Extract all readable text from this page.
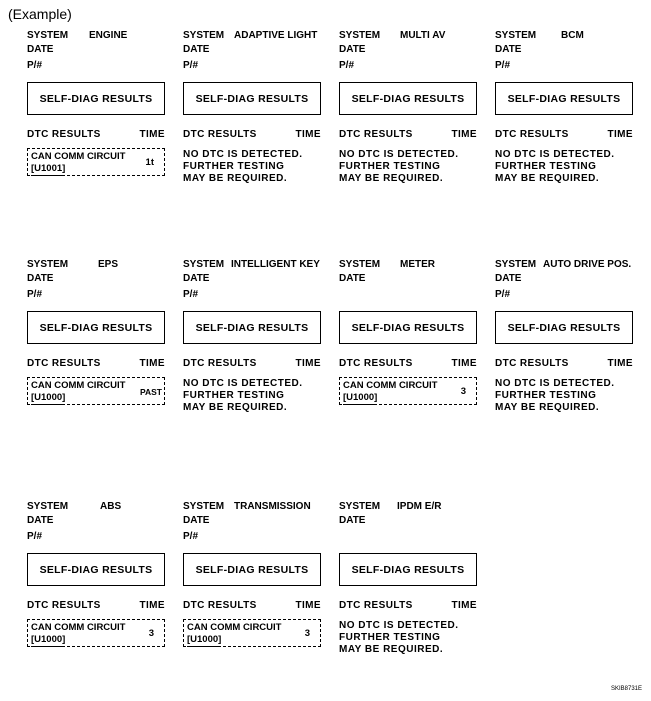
(Example)
SYSTEM ENGINE
DATE
P/#
SELF-DIAG RESULTS
DTC RESULTS	TIME
CAN COMM CIRCUIT
[U1001]
1t
SYSTEM ADAPTIVE LIGHT
DATE
P/#
SELF-DIAG RESULTS
DTC RESULTS	TIME
NO DTC IS DETECTED.
FURTHER TESTING
MAY BE REQUIRED.
SYSTEM MULTI AV
DATE
P/#
SELF-DIAG RESULTS
DTC RESULTS	TIME
NO DTC IS DETECTED.
FURTHER TESTING
MAY BE REQUIRED.
SYSTEM BCM
DATE
P/#
SELF-DIAG RESULTS
DTC RESULTS	TIME
NO DTC IS DETECTED.
FURTHER TESTING
MAY BE REQUIRED.
SYSTEM	EPS
DATE
P/#
SELF-DIAG RESULTS
DTC RESULTS	TIME
CAN COMM CIRCUIT
[U1000]	PAST
SYSTEM INTELLIGENT KEY
DATE
P/#
SELF-DIAG RESULTS
DTC RESULTS	TIME
NO DTC IS DETECTED.
FURTHER TESTING
MAY BE REQUIRED.
SYSTEM METER
DATE
SELF-DIAG RESULTS
DTC RESULTS	TIME
CAN COMM CIRCUIT
[U1000]
3
SYSTEM AUTO DRIVE POS.
DATE
P/#
SELF-DIAG RESULTS
DTC RESULTS	TIME
NO DTC IS DETECTED.
FURTHER TESTING
MAY BE REQUIRED.
SYSTEM	ABS
DATE
P/#
SELF-DIAG RESULTS
DTC RESULTS	TIME
CAN COMM CIRCUIT
[U1000]
3
SYSTEM TRANSMISSION
DATE
P/#
SELF-DIAG RESULTS
DTC RESULTS	TIME
CAN COMM CIRCUIT
[U1000]
3
SYSTEM IPDM E/R
DATE
SELF-DIAG RESULTS
DTC RESULTS	TIME
NO DTC IS DETECTED.
FURTHER TESTING
MAY BE REQUIRED.
SKIB8731E
